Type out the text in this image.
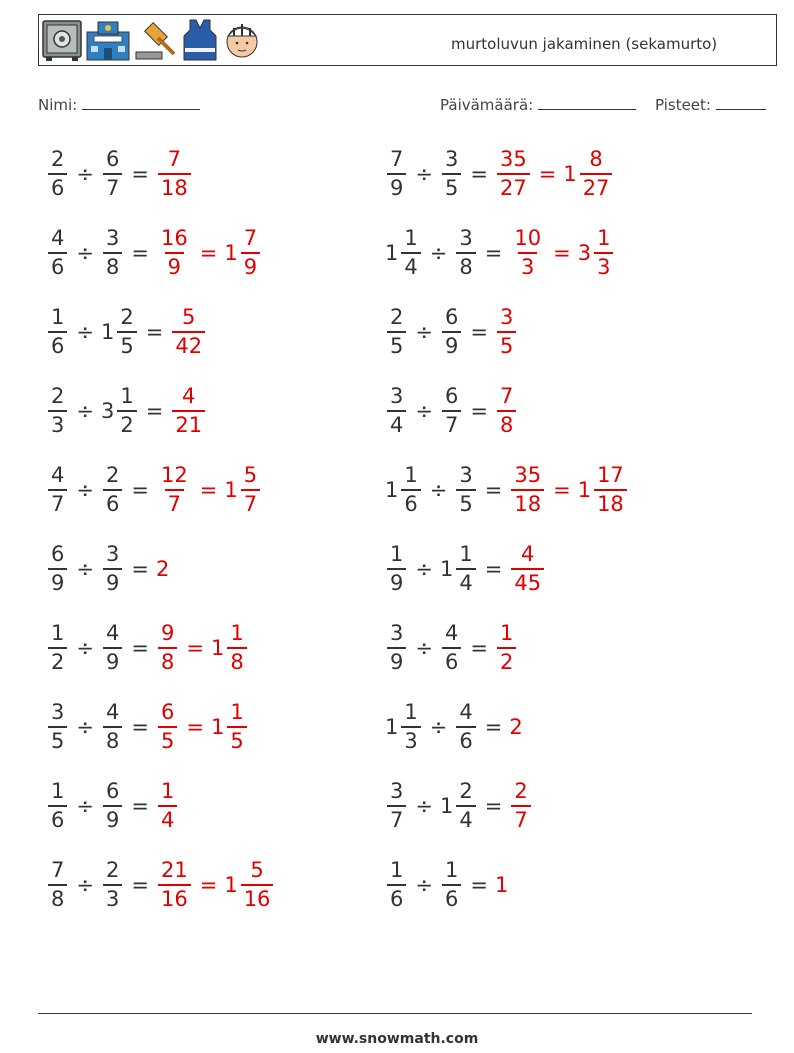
murtoluvun jakaminen (sekamurto)
Nimi:	Päivämäärä:	Pisteet:
$\frac{2}{6} \div \frac{6}{7} = \frac{7}{18}$	$\frac{7}{9} \div \frac{3}{5} = \frac{35}{27} = 1 \frac{8}{27}$
$\frac{4}{6} \div \frac{3}{8} = \frac{16}{9} = 1 \frac{7}{9}$	$1 \frac{1}{4} \div \frac{3}{8} = \frac{10}{3} = 3 \frac{1}{3}$
$\frac{1}{6} \div 1 \frac{2}{5} = \frac{5}{42}$	$\frac{2}{5} \div \frac{6}{9} = \frac{3}{5}$
$\frac{2}{3} \div 3 \frac{1}{2} = \frac{4}{21}$	$\frac{3}{4} \div \frac{6}{7} = \frac{7}{8}$
$\frac{4}{7} \div \frac{2}{6} = \frac{12}{7} = 1 \frac{5}{7}$	$1 \frac{1}{6} \div \frac{3}{5} = \frac{35}{18} = 1 \frac{17}{18}$
$\frac{6}{9} \div \frac{3}{9} = 2$	$\frac{1}{9} \div 1 \frac{1}{4} = \frac{4}{45}$
$\frac{1}{2} \div \frac{4}{9} = \frac{9}{8} = 1 \frac{1}{8}$	$\frac{3}{9} \div \frac{4}{6} = \frac{1}{2}$
$\frac{3}{5} \div \frac{4}{8} = \frac{6}{5} = 1 \frac{1}{5}$	$1 \frac{1}{3} \div \frac{4}{6} = 2$
$\frac{1}{6} \div \frac{6}{9} = \frac{1}{4}$	$\frac{3}{7} \div 1 \frac{2}{4} = \frac{2}{7}$
$\frac{7}{8} \div \frac{2}{3} = \frac{21}{16} = 1 \frac{5}{16}$	$\frac{1}{6} \div \frac{1}{6} = 1$
www.snowmath.com
